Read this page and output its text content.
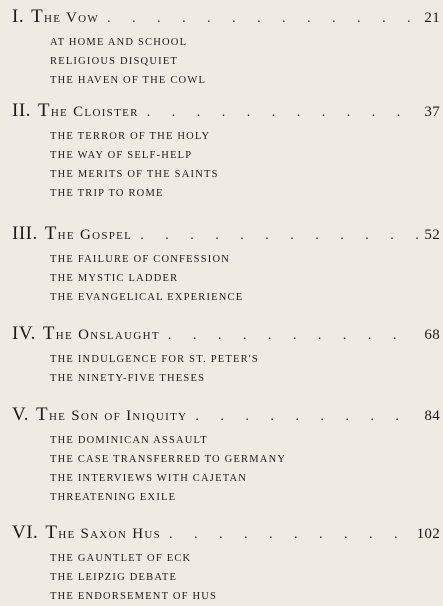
I. The Vow . . .	21
AT HOME AND SCHOOL
RELIGIOUS DISQUIET
THE HAVEN OF THE COWL
II. The Cloister . . .	37
THE TERROR OF THE HOLY
THE WAY OF SELF-HELP
THE MERITS OF THE SAINTS
THE TRIP TO ROME
III. The Gospel . . .	52
THE FAILURE OF CONFESSION
THE MYSTIC LADDER
THE EVANGELICAL EXPERIENCE
IV. The Onslaught . . .	68
THE INDULGENCE FOR ST. PETER'S
THE NINETY-FIVE THESES
V. The Son of Iniquity . . .	84
THE DOMINICAN ASSAULT
THE CASE TRANSFERRED TO GERMANY
THE INTERVIEWS WITH CAJETAN
THREATENING EXILE
VI. The Saxon Hus . . .	102
THE GAUNTLET OF ECK
THE LEIPZIG DEBATE
THE ENDORSEMENT OF HUS
